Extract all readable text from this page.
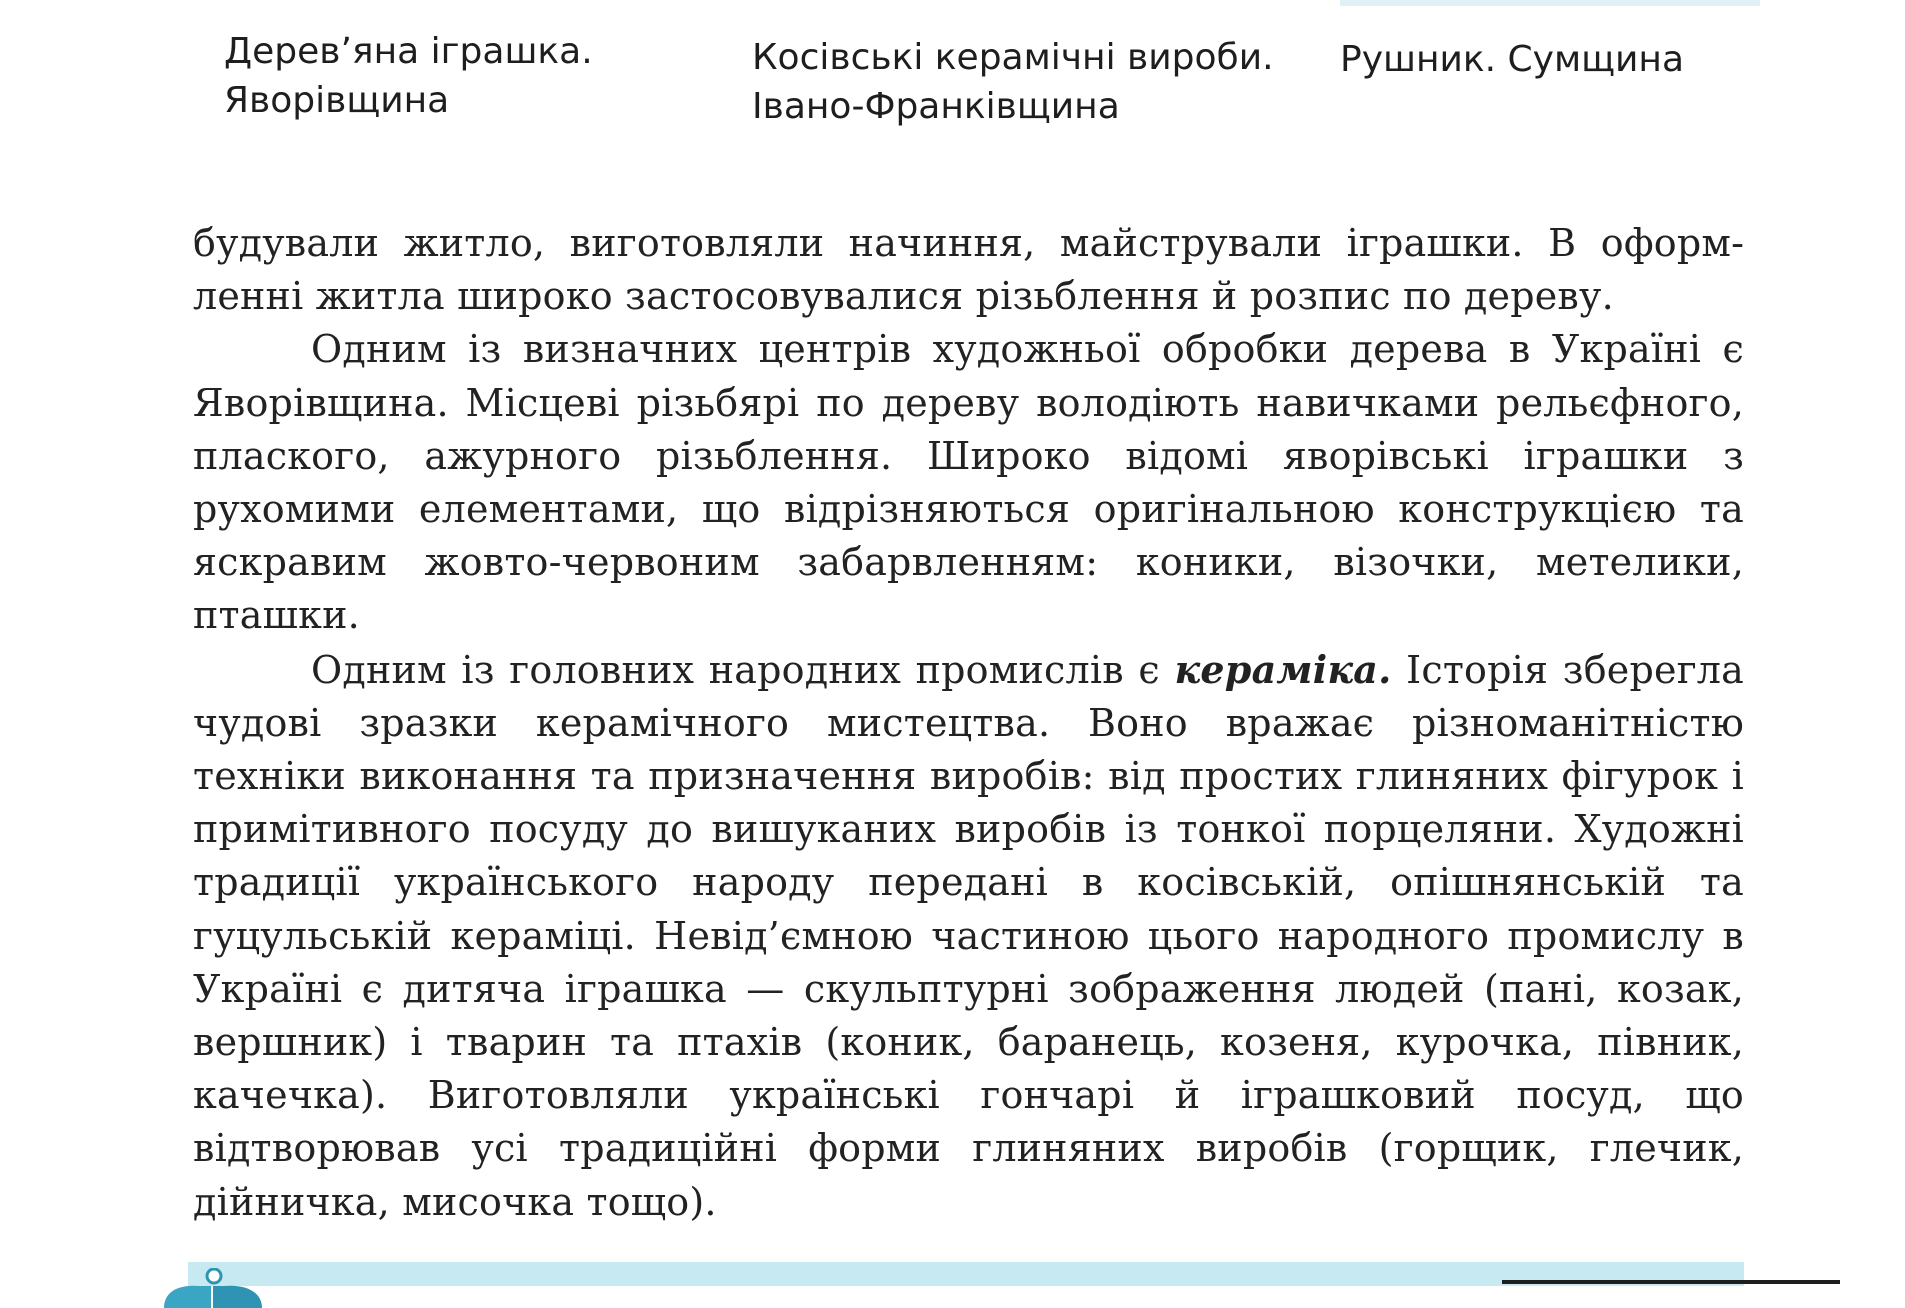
Дерев’яна іграшка.
Яворівщина
Косівські керамічні вироби.
Івано-Франківщина
Рушник. Сумщина

будували житло, виготовляли начиння, майстрували іграшки. В оформленні житла широко застосовувалися різьблення й розпис по дереву.

Одним із визначних центрів художньої обробки дерева в Україні є Яворівщина. Місцеві різьбярі по дереву володіють навичками рельєфного, плаского, ажурного різьблення. Широко відомі яворівські іграшки з рухомими елементами, що відрізняються оригінальною конструкцією та яскравим жовто-червоним забарвленням: коники, візочки, метелики, пташки.

Одним із головних народних промислів є кераміка. Історія зберегла чудові зразки керамічного мистецтва. Воно вражає різноманітністю техніки виконання та призначення виробів: від простих глиняних фігурок і примітивного посуду до вишуканих виробів із тонкої порцеляни. Художні традиції українського народу передані в косівській, опішнянській та гуцульській кераміці. Невід’ємною частиною цього народного промислу в Україні є дитяча іграшка — скульптурні зображення людей (пані, козак, вершник) і тварин та птахів (коник, баранець, козеня, курочка, півник, качечка). Виготовляли українські гончарі й іграшковий посуд, що відтворював усі традиційні форми глиняних виробів (горщик, глечик, дійничка, мисочка тощо).
